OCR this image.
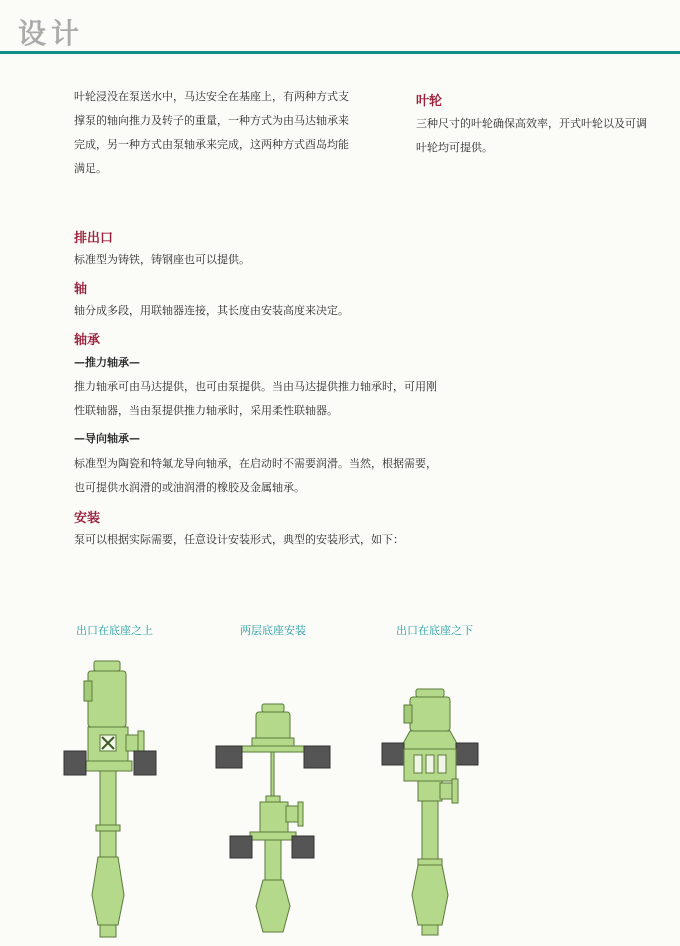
设计

叶轮浸没在泵送水中，马达安全在基座上，有两种方式支

撑泵的轴向推力及转子的重量，一种方式为由马达轴承来

完成，另一种方式由泵轴承来完成，这两种方式酉岛均能

满足。

叶轮

三种尺寸的叶轮确保高效率，开式叶轮以及可调

叶轮均可提供。

排出口

标准型为铸铁，铸钢座也可以提供。

轴

轴分成多段，用联轴器连接，其长度由安装高度来决定。

轴承

—推力轴承—

推力轴承可由马达提供，也可由泵提供。当由马达提供推力轴承时，可用刚

性联轴器，当由泵提供推力轴承时，采用柔性联轴器。

—导向轴承—

标准型为陶瓷和特氟龙导向轴承，在启动时不需要润滑。当然，根据需要，

也可提供水润滑的或油润滑的橡胶及金属轴承。

安装

泵可以根据实际需要，任意设计安装形式，典型的安装形式，如下：

出口在底座之上	两层底座安装	出口在底座之下
